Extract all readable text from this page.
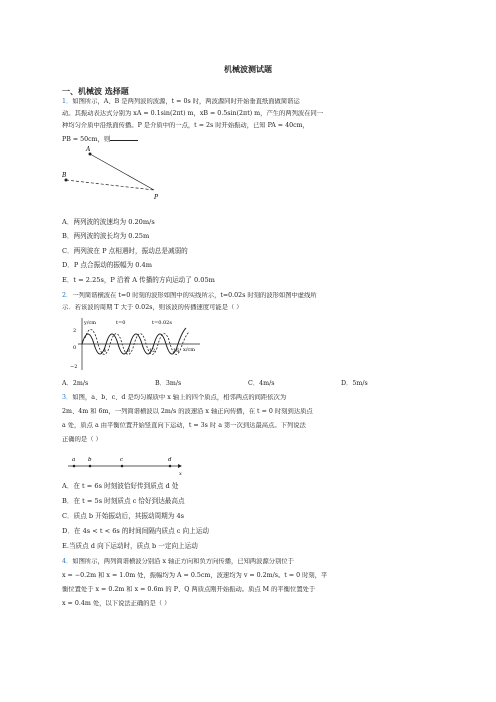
机械波测试题
一、机械波 选择题
1．如图所示，A、B 是两列波的波源，t = 0s 时，两波源同时开始垂直纸面做简谐运
动。其振动表达式分别为 xA = 0.1sin(2πt) m，xB = 0.5sin(2πt) m，产生的两列波在同一
种均匀介质中沿纸面传播。P 是介质中的一点，t = 2s 时开始振动，已知 PA = 40cm，
PB = 50cm，则
A
B
P
A．两列波的波速均为 0.20m/s
B．两列波的波长均为 0.25m
C．两列波在 P 点相遇时，振动总是减弱的
D．P 点合振动的振幅为 0.4m
E．t = 2.25s，P 沿着 A 传播的方向运动了 0.05m
2．一列简谐横波在 t=0 时刻的波形如图中的实线所示，t=0.02s 时刻的波形如图中虚线所
示．若该波的周期 T 大于 0.02s，则该波的传播速度可能是（ ）
y/cm
2
0
−2
t=0	t=0.02s
x/cm
4	8	12	16
A．2m/s	B．3m/s	C．4m/s	D．5m/s
3．如图，a、b、c、d 是均匀媒质中 x 轴上的四个质点，相邻两点的间距依次为
2m、4m 和 6m，一列简谐横波以 2m/s 的波速沿 x 轴正向传播，在 t = 0 时刻到达质点
a 处，质点 a 由平衡位置开始竖直向下运动，t = 3s 时 a 第一次到达最高点。下列说法
正确的是（ ）
a b	c	d
x
A．在 t = 6s 时刻波恰好传到质点 d 处
B．在 t = 5s 时刻质点 c 恰好到达最高点
C．质点 b 开始振动后，其振动周期为 4s
D．在 4s < t < 6s 的时间间隔内质点 c 向上运动
E.当质点 d 向下运动时，质点 b 一定向上运动
4．如图所示，两列简谐横波分别沿 x 轴正方向和负方向传播，已知两波源分别位于
x = −0.2m 和 x = 1.0m 处，振幅均为 A = 0.5cm，波速均为 v = 0.2m/s。t = 0 时刻，平
衡位置处于 x = 0.2m 和 x = 0.6m 的 P、Q 两质点刚开始振动。质点 M 的平衡位置处于
x = 0.4m 处，以下说法正确的是（ ）
